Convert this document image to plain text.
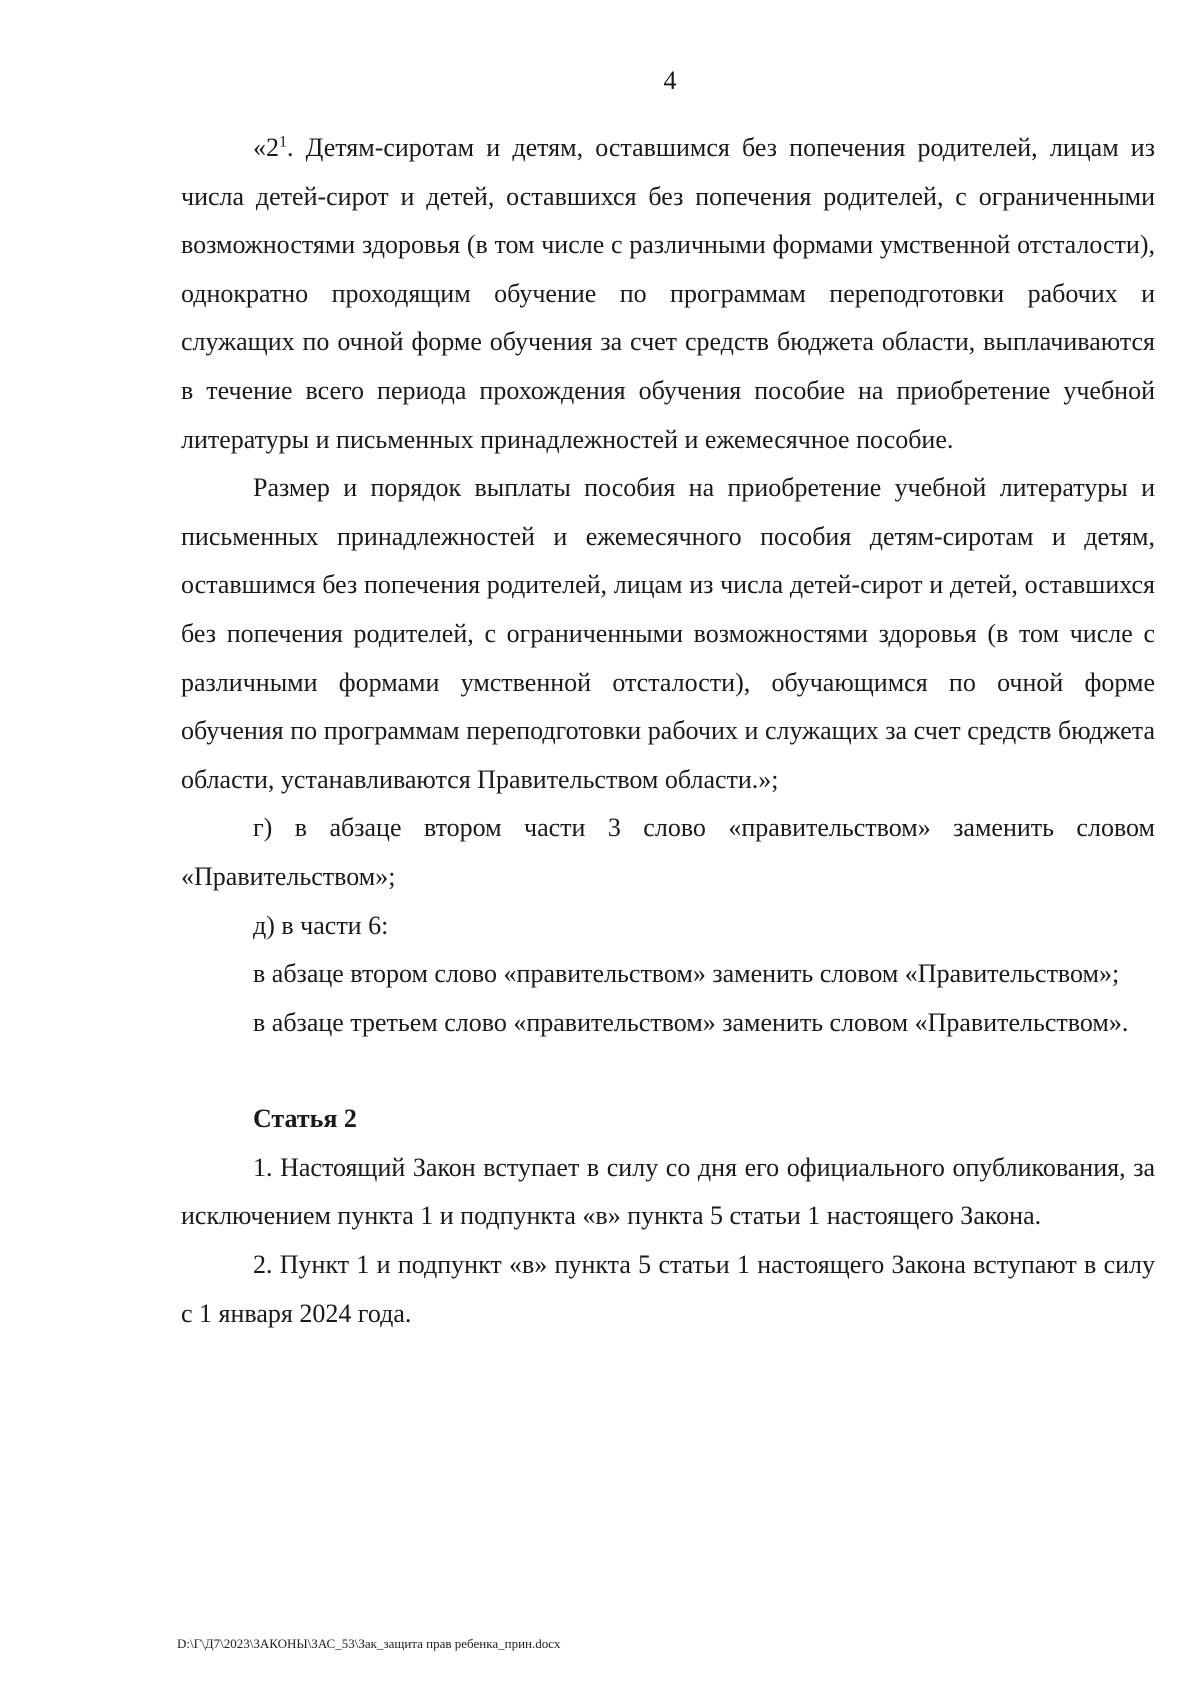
4

«$2^1$. Детям-сиротам и детям, оставшимся без попечения родителей, лицам из числа детей-сирот и детей, оставшихся без попечения родителей, с ограниченными возможностями здоровья (в том числе с различными формами умственной отсталости), однократно проходящим обучение по программам переподготовки рабочих и служащих по очной форме обучения за счет средств бюджета области, выплачиваются в течение всего периода прохождения обучения пособие на приобретение учебной литературы и письменных принадлежностей и ежемесячное пособие.

Размер и порядок выплаты пособия на приобретение учебной литературы и письменных принадлежностей и ежемесячного пособия детям-сиротам и детям, оставшимся без попечения родителей, лицам из числа детей-сирот и детей, оставшихся без попечения родителей, с ограниченными возможностями здоровья (в том числе с различными формами умственной отсталости), обучающимся по очной форме обучения по программам переподготовки рабочих и служащих за счет средств бюджета области, устанавливаются Правительством области.»;

г) в абзаце втором части 3 слово «правительством» заменить словом «Правительством»;

д) в части 6:

в абзаце втором слово «правительством» заменить словом «Правительством»;

в абзаце третьем слово «правительством» заменить словом «Правительством».

Статья 2

1. Настоящий Закон вступает в силу со дня его официального опубликования, за исключением пункта 1 и подпункта «в» пункта 5 статьи 1 настоящего Закона.

2. Пункт 1 и подпункт «в» пункта 5 статьи 1 настоящего Закона вступают в силу с 1 января 2024 года.

D:\Г\Д7\2023\ЗАКОНЫ\ЗАС_53\Зак_защита прав ребенка_прин.docx
